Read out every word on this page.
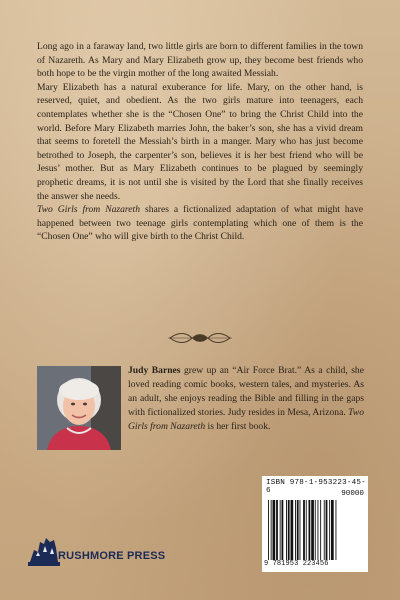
Long ago in a faraway land, two little girls are born to different families in the town of Nazareth. As Mary and Mary Elizabeth grow up, they become best friends who both hope to be the virgin mother of the long awaited Messiah.

Mary Elizabeth has a natural exuberance for life. Mary, on the other hand, is reserved, quiet, and obedient. As the two girls mature into teenagers, each contemplates whether she is the “Chosen One” to bring the Christ Child into the world. Before Mary Elizabeth marries John, the baker’s son, she has a vivid dream that seems to foretell the Messiah’s birth in a manger. Mary who has just become betrothed to Joseph, the carpenter’s son, believes it is her best friend who will be Jesus’ mother. But as Mary Elizabeth continues to be plagued by seemingly prophetic dreams, it is not until she is visited by the Lord that she finally receives the answer she needs.

Two Girls from Nazareth shares a fictionalized adaptation of what might have happened between two teenage girls contemplating which one of them is the “Chosen One” who will give birth to the Christ Child.

Judy Barnes grew up an “Air Force Brat.” As a child, she loved reading comic books, western tales, and mysteries. As an adult, she enjoys reading the Bible and filling in the gaps with fictionalized stories. Judy resides in Mesa, Arizona. Two Girls from Nazareth is her first book.
ISBN 978-1-953223-45-6	90000
9 781953 223456
RUSHMORE PRESS
